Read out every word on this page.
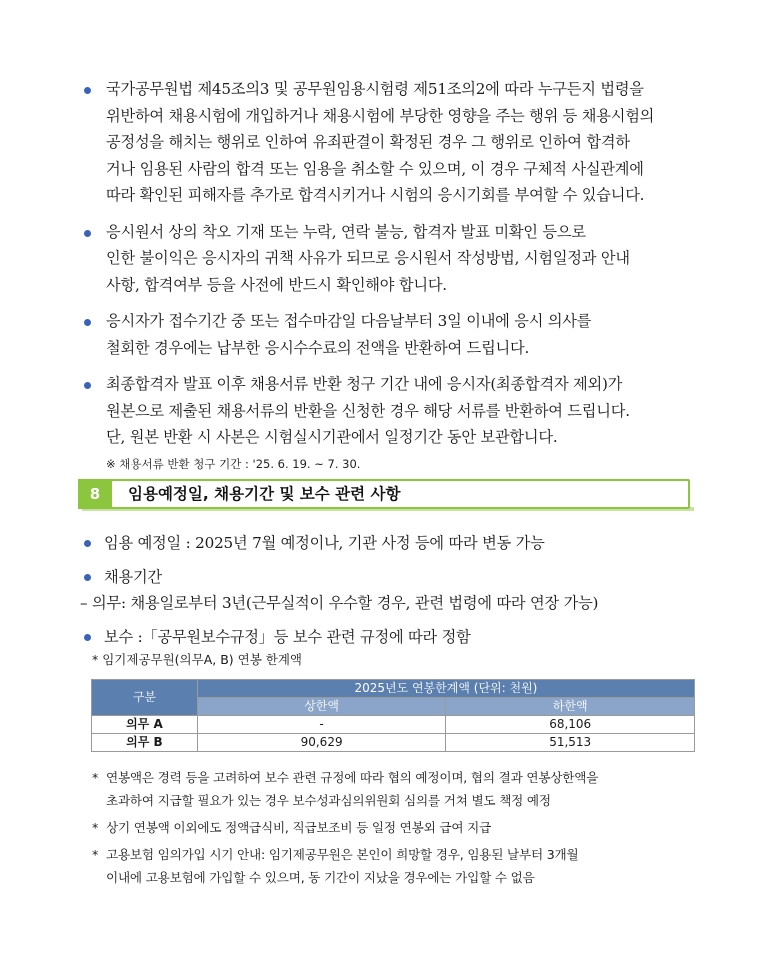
국가공무원법 제45조의3 및 공무원임용시험령 제51조의2에 따라 누구든지 법령을
위반하여 채용시험에 개입하거나 채용시험에 부당한 영향을 주는 행위 등 채용시험의
공정성을 해치는 행위로 인하여 유죄판결이 확정된 경우 그 행위로 인하여 합격하
거나 임용된 사람의 합격 또는 임용을 취소할 수 있으며, 이 경우 구체적 사실관계에
따라 확인된 피해자를 추가로 합격시키거나 시험의 응시기회를 부여할 수 있습니다.
응시원서 상의 착오 기재 또는 누락, 연락 불능, 합격자 발표 미확인 등으로
인한 불이익은 응시자의 귀책 사유가 되므로 응시원서 작성방법, 시험일정과 안내
사항, 합격여부 등을 사전에 반드시 확인해야 합니다.
응시자가 접수기간 중 또는 접수마감일 다음날부터 3일 이내에 응시 의사를
철회한 경우에는 납부한 응시수수료의 전액을 반환하여 드립니다.
최종합격자 발표 이후 채용서류 반환 청구 기간 내에 응시자(최종합격자 제외)가
원본으로 제출된 채용서류의 반환을 신청한 경우 해당 서류를 반환하여 드립니다.
단, 원본 반환 시 사본은 시험실시기관에서 일정기간 동안 보관합니다.
※ 채용서류 반환 청구 기간 : '25. 6. 19. ~ 7. 30.
8	임용예정일, 채용기간 및 보수 관련 사항
임용 예정일 : 2025년 7월 예정이나, 기관 사정 등에 따라 변동 가능
채용기간
– 의무: 채용일로부터 3년(근무실적이 우수할 경우, 관련 법령에 따라 연장 가능)
보수 :「공무원보수규정」등 보수 관련 규정에 따라 정함
* 임기제공무원(의무A, B) 연봉 한계액
구분	2025년도 연봉한계액 (단위: 천원)	
	상한액	하한액
의무 A	-	68,106
의무 B	90,629	51,513
* 연봉액은 경력 등을 고려하여 보수 관련 규정에 따라 협의 예정이며, 협의 결과 연봉상한액을
초과하여 지급할 필요가 있는 경우 보수성과심의위원회 심의를 거쳐 별도 책정 예정
* 상기 연봉액 이외에도 정액급식비, 직급보조비 등 일정 연봉외 급여 지급
* 고용보험 임의가입 시기 안내: 임기제공무원은 본인이 희망할 경우, 임용된 날부터 3개월
이내에 고용보험에 가입할 수 있으며, 동 기간이 지났을 경우에는 가입할 수 없음
